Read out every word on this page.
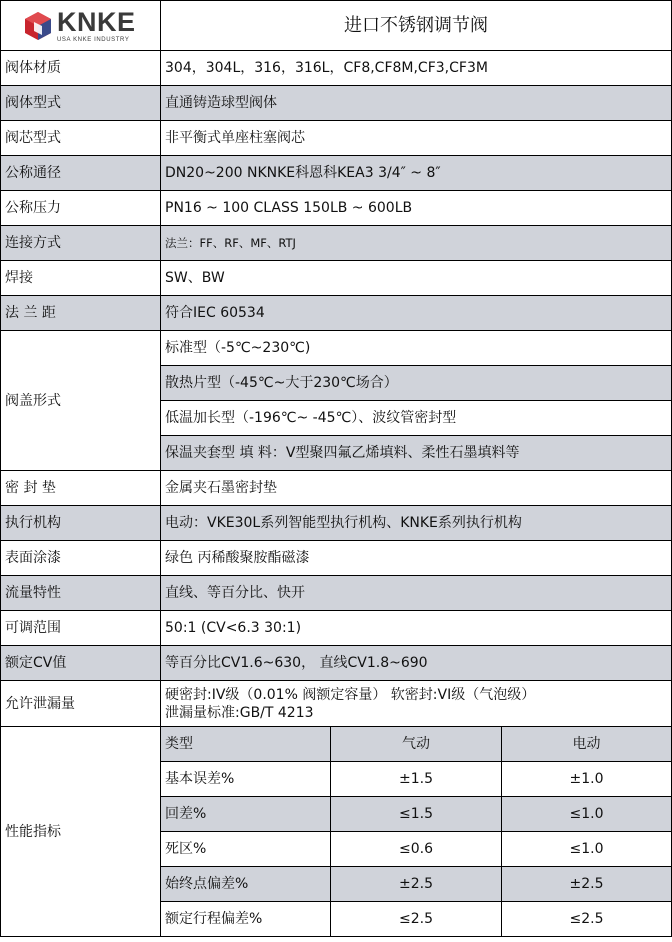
KNKE
USA KNKE INDUSTRY	进口不锈钢调节阀		
阀体材质	304，304L，316，316L，CF8,CF8M,CF3,CF3M		
阀体型式	直通铸造球型阀体		
阀芯型式	非平衡式单座柱塞阀芯		
公称通径	DN20~200 NKNKE科恩科KEA3 3/4″ ~ 8″		
公称压力	PN16 ~ 100 CLASS 150LB ~ 600LB		
连接方式	法兰：FF、RF、MF、RTJ		
焊接	SW、BW		
法 兰 距	符合IEC 60534		
阀盖形式	标准型（-5℃~230℃)		
	散热片型（-45℃~大于230℃场合）		
	低温加长型（-196℃~ -45℃）、波纹管密封型		
	保温夹套型 填 料：V型聚四氟乙烯填料、柔性石墨填料等		
密 封 垫	金属夹石墨密封垫		
执行机构	电动：VKE30L系列智能型执行机构、KNKE系列执行机构		
表面涂漆	绿色 丙稀酸聚胺酯磁漆		
流量特性	直线、等百分比、快开		
可调范围	50:1 (CV<6.3 30:1)		
额定CV值	等百分比CV1.6~630， 直线CV1.8~690		
允许泄漏量	硬密封:IV级（0.01% 阀额定容量） 软密封:VI级（气泡级）
泄漏量标准:GB/T 4213		

性能指标	类型	气动	电动
	基本误差%	±1.5	±1.0
	回差%	≤1.5	≤1.0
	死区%	≤0.6	≤1.0
	始终点偏差%	±2.5	±2.5
	额定行程偏差%	≤2.5	≤2.5
